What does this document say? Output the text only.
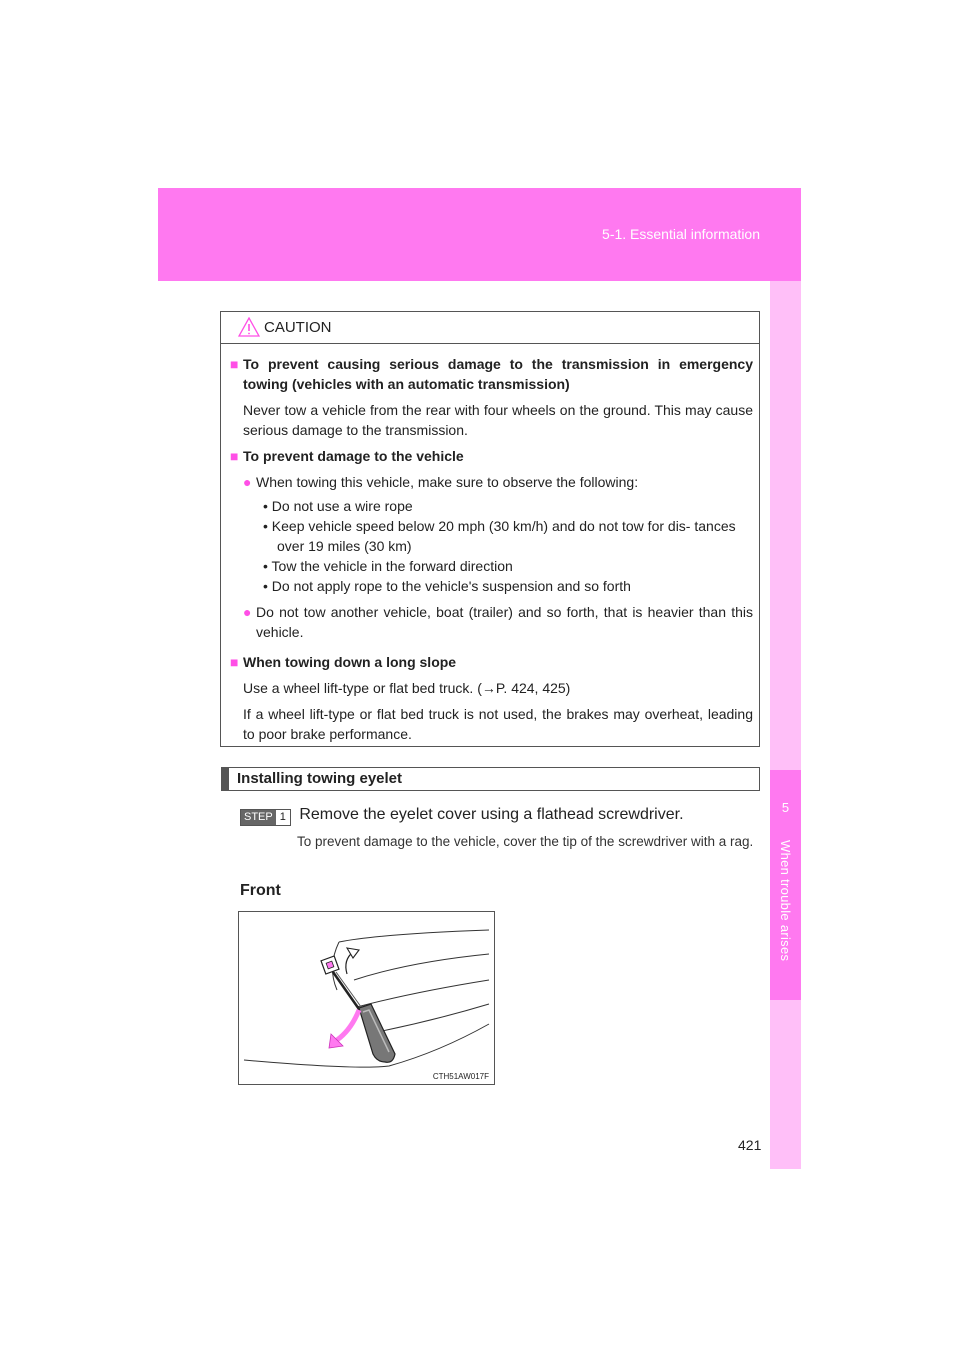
5-1. Essential information
5
When trouble arises
CAUTION
■ To prevent causing serious damage to the transmission in emergency towing (vehicles with an automatic transmission)
Never tow a vehicle from the rear with four wheels on the ground. This may cause serious damage to the transmission.
■ To prevent damage to the vehicle
● When towing this vehicle, make sure to observe the following:
• Do not use a wire rope
• Keep vehicle speed below 20 mph (30 km/h) and do not tow for dis- tances over 19 miles (30 km)
• Tow the vehicle in the forward direction
• Do not apply rope to the vehicle's suspension and so forth
● Do not tow another vehicle, boat (trailer) and so forth, that is heavier than this vehicle.
■ When towing down a long slope
Use a wheel lift-type or flat bed truck. (→P. 424, 425)
If a wheel lift-type or flat bed truck is not used, the brakes may overheat, leading to poor brake performance.
Installing towing eyelet
STEP 1 Remove the eyelet cover using a flathead screwdriver.
To prevent damage to the vehicle, cover the tip of the screwdriver with a rag.
Front
CTH51AW017F
421
